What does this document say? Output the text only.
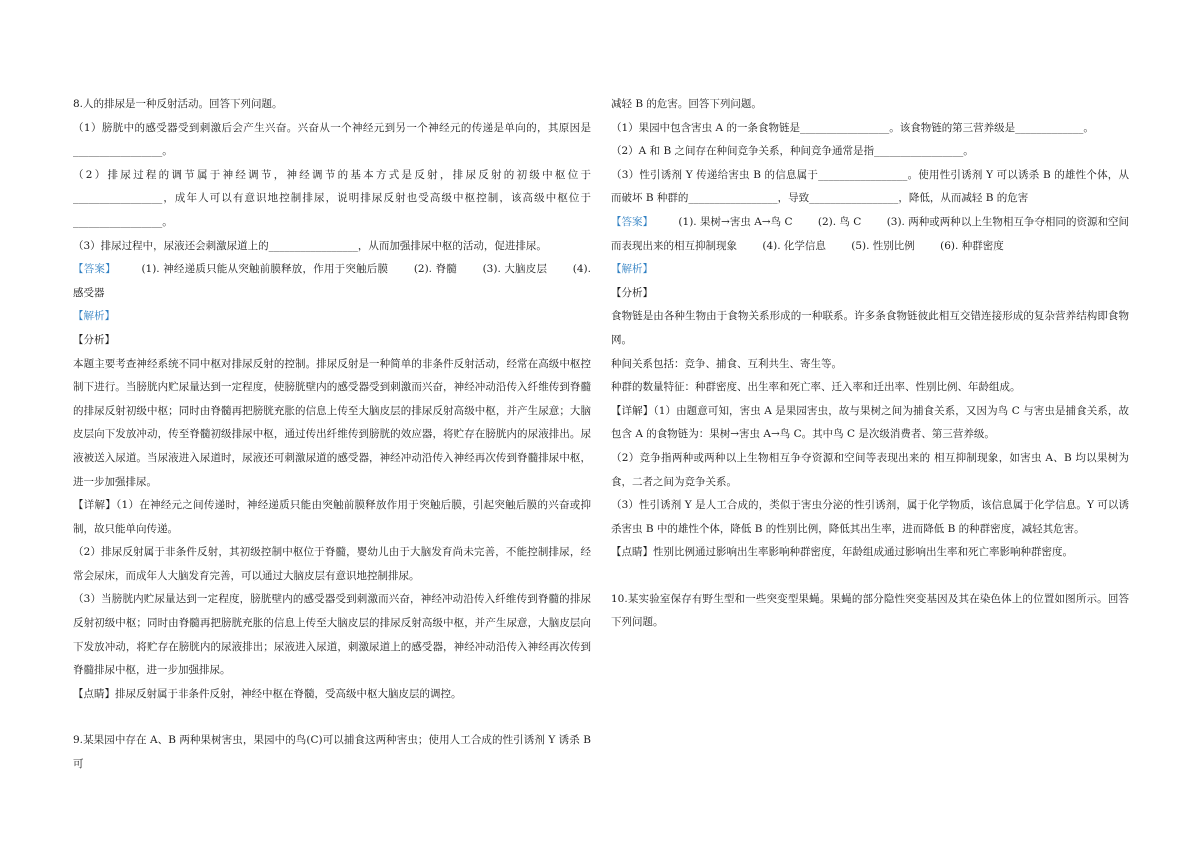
8.人的排尿是一种反射活动。回答下列问题。

（1）膀胱中的感受器受到刺激后会产生兴奋。兴奋从一个神经元到另一个神经元的传递是单向的，其原因是_________________。

（2）排尿过程的调节属于神经调节，神经调节的基本方式是反射，排尿反射的初级中枢位于_________________，成年人可以有意识地控制排尿，说明排尿反射也受高级中枢控制，该高级中枢位于_________________。

（3）排尿过程中，尿液还会刺激尿道上的_________________，从而加强排尿中枢的活动，促进排尿。

【答案】 (1). 神经递质只能从突触前膜释放，作用于突触后膜 (2). 脊髓 (3). 大脑皮层 (4). 感受器

【解析】

【分析】

本题主要考查神经系统不同中枢对排尿反射的控制。排尿反射是一种简单的非条件反射活动，经常在高级中枢控制下进行。当膀胱内贮尿量达到一定程度，使膀胱壁内的感受器受到刺激而兴奋，神经冲动沿传入纤维传到脊髓的排尿反射初级中枢；同时由脊髓再把膀胱充胀的信息上传至大脑皮层的排尿反射高级中枢，并产生尿意；大脑皮层向下发放冲动，传至脊髓初级排尿中枢，通过传出纤维传到膀胱的效应器，将贮存在膀胱内的尿液排出。尿液被送入尿道。当尿液进入尿道时，尿液还可刺激尿道的感受器，神经冲动沿传入神经再次传到脊髓排尿中枢，进一步加强排尿。

【详解】（1）在神经元之间传递时，神经递质只能由突触前膜释放作用于突触后膜，引起突触后膜的兴奋或抑制，故只能单向传递。

（2）排尿反射属于非条件反射，其初级控制中枢位于脊髓，婴幼儿由于大脑发育尚未完善，不能控制排尿，经常会尿床，而成年人大脑发育完善，可以通过大脑皮层有意识地控制排尿。

（3）当膀胱内贮尿量达到一定程度，膀胱壁内的感受器受到刺激而兴奋，神经冲动沿传入纤维传到脊髓的排尿反射初级中枢；同时由脊髓再把膀胱充胀的信息上传至大脑皮层的排尿反射高级中枢，并产生尿意，大脑皮层向下发放冲动，将贮存在膀胱内的尿液排出；尿液进入尿道，刺激尿道上的感受器，神经冲动沿传入神经再次传到脊髓排尿中枢，进一步加强排尿。

【点睛】排尿反射属于非条件反射，神经中枢在脊髓，受高级中枢大脑皮层的调控。

9.某果园中存在 A、B 两种果树害虫，果园中的鸟(C)可以捕食这两种害虫；使用人工合成的性引诱剂 Y 诱杀 B 可

减轻 B 的危害。回答下列问题。

（1）果园中包含害虫 A 的一条食物链是_________________。该食物链的第三营养级是_____________。

（2）A 和 B 之间存在种间竞争关系，种间竞争通常是指_________________。

（3）性引诱剂 Y 传递给害虫 B 的信息属于_________________。使用性引诱剂 Y 可以诱杀 B 的雄性个体，从而破坏 B 种群的_________________，导致_________________，降低，从而减轻 B 的危害

【答案】 (1). 果树→害虫 A→鸟 C (2). 鸟 C (3). 两种或两种以上生物相互争夺相同的资源和空间而表现出来的相互抑制现象 (4). 化学信息 (5). 性别比例 (6). 种群密度

【解析】

【分析】

食物链是由各种生物由于食物关系形成的一种联系。许多条食物链彼此相互交错连接形成的复杂营养结构即食物网。

种间关系包括：竞争、捕食、互利共生、寄生等。

种群的数量特征：种群密度、出生率和死亡率、迁入率和迁出率、性别比例、年龄组成。

【详解】（1）由题意可知，害虫 A 是果园害虫，故与果树之间为捕食关系，又因为鸟 C 与害虫是捕食关系，故包含 A 的食物链为：果树→害虫 A→鸟 C。其中鸟 C 是次级消费者、第三营养级。

（2）竞争指两种或两种以上生物相互争夺资源和空间等表现出来的 相互抑制现象，如害虫 A、B 均以果树为食，二者之间为竞争关系。

（3）性引诱剂 Y 是人工合成的，类似于害虫分泌的性引诱剂，属于化学物质，该信息属于化学信息。Y 可以诱杀害虫 B 中的雄性个体，降低 B 的性别比例，降低其出生率，进而降低 B 的种群密度，减轻其危害。

【点睛】性别比例通过影响出生率影响种群密度，年龄组成通过影响出生率和死亡率影响种群密度。

10.某实验室保存有野生型和一些突变型果蝇。果蝇的部分隐性突变基因及其在染色体上的位置如图所示。回答下列问题。
